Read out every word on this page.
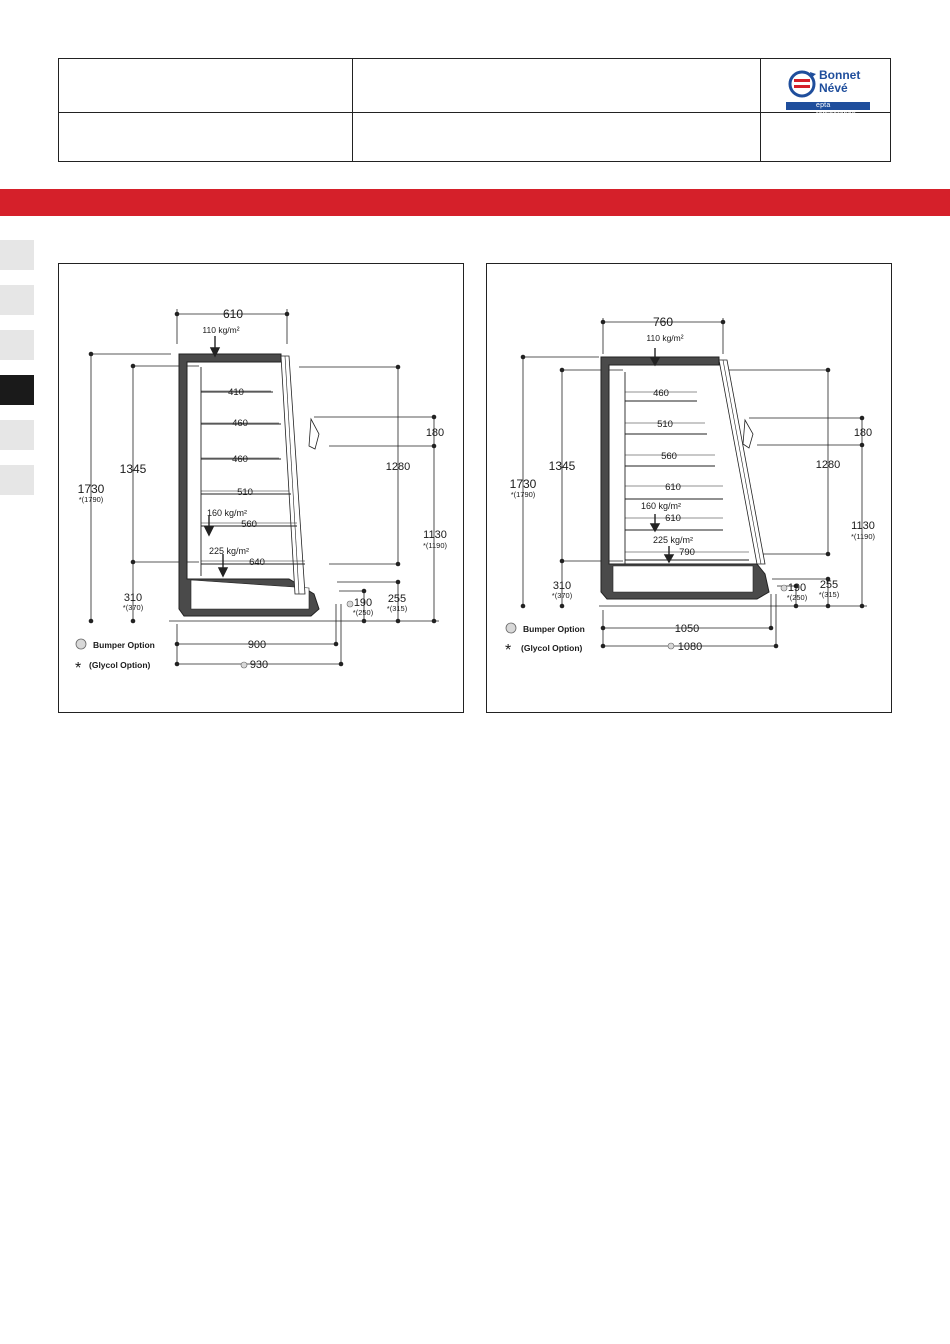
Bonnet
Névé
epta refrigeration
610
110 kg/m²
1730
*(1790)
1345
410
460
460
510
560
640
160 kg/m²
225 kg/m²
180
1280
1130
*(1190)
310
*(370)	190
*(250)
255
*(315)
900
930
Bumper Option
* (Glycol Option)
760
110 kg/m²
1730
*(1790)
1345
460
510
560
610
610
790
160 kg/m²
225 kg/m²
180
1280
1130
*(1190)
310
*(370)
190
*(250)
255
*(315)
1050
1080
Bumper Option
* (Glycol Option)
